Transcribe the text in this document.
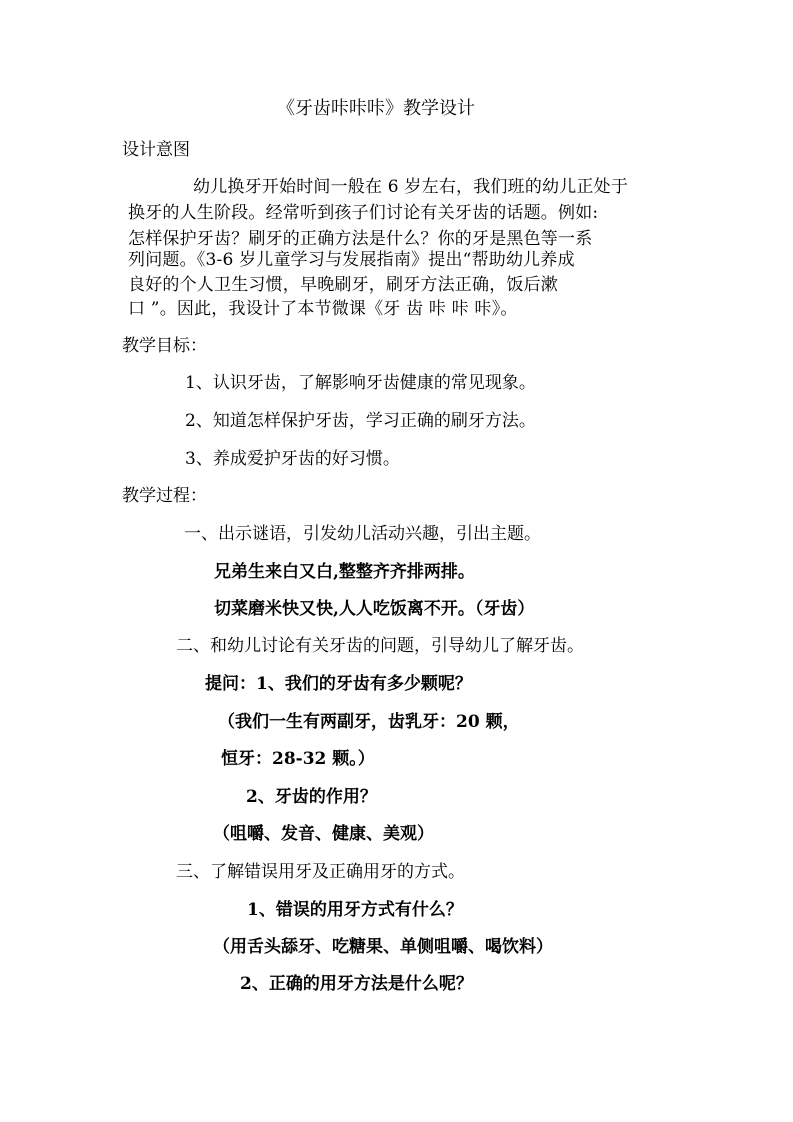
《牙齿咔咔咔》教学设计
设计意图
幼儿换牙开始时间一般在 6 岁左右，我们班的幼儿正处于
换牙的人生阶段。经常听到孩子们讨论有关牙齿的话题。例如:
怎样保护牙齿？刷牙的正确方法是什么？你的牙是黑色等一系
列问题。《3-6 岁儿童学习与发展指南》提出“帮助幼儿养成
良好的个人卫生习惯，早晚刷牙，刷牙方法正确，饭后漱
口 ”。因此，我设计了本节微课《牙 齿 咔 咔 咔》。
教学目标：
1、认识牙齿，了解影响牙齿健康的常见现象。
2、知道怎样保护牙齿，学习正确的刷牙方法。
3、养成爱护牙齿的好习惯。
教学过程：
一、出示谜语，引发幼儿活动兴趣，引出主题。
兄弟生来白又白,整整齐齐排两排。
切菜磨米快又快,人人吃饭离不开。（牙齿）
二、和幼儿讨论有关牙齿的问题，引导幼儿了解牙齿。
提问：1、我们的牙齿有多少颗呢？
（我们一生有两副牙，齿乳牙：20 颗，
恒牙：28-32 颗。）
2、牙齿的作用？
（咀嚼、发音、健康、美观）
三、了解错误用牙及正确用牙的方式。
1、错误的用牙方式有什么？
（用舌头舔牙、吃糖果、单侧咀嚼、喝饮料）
2、正确的用牙方法是什么呢？
